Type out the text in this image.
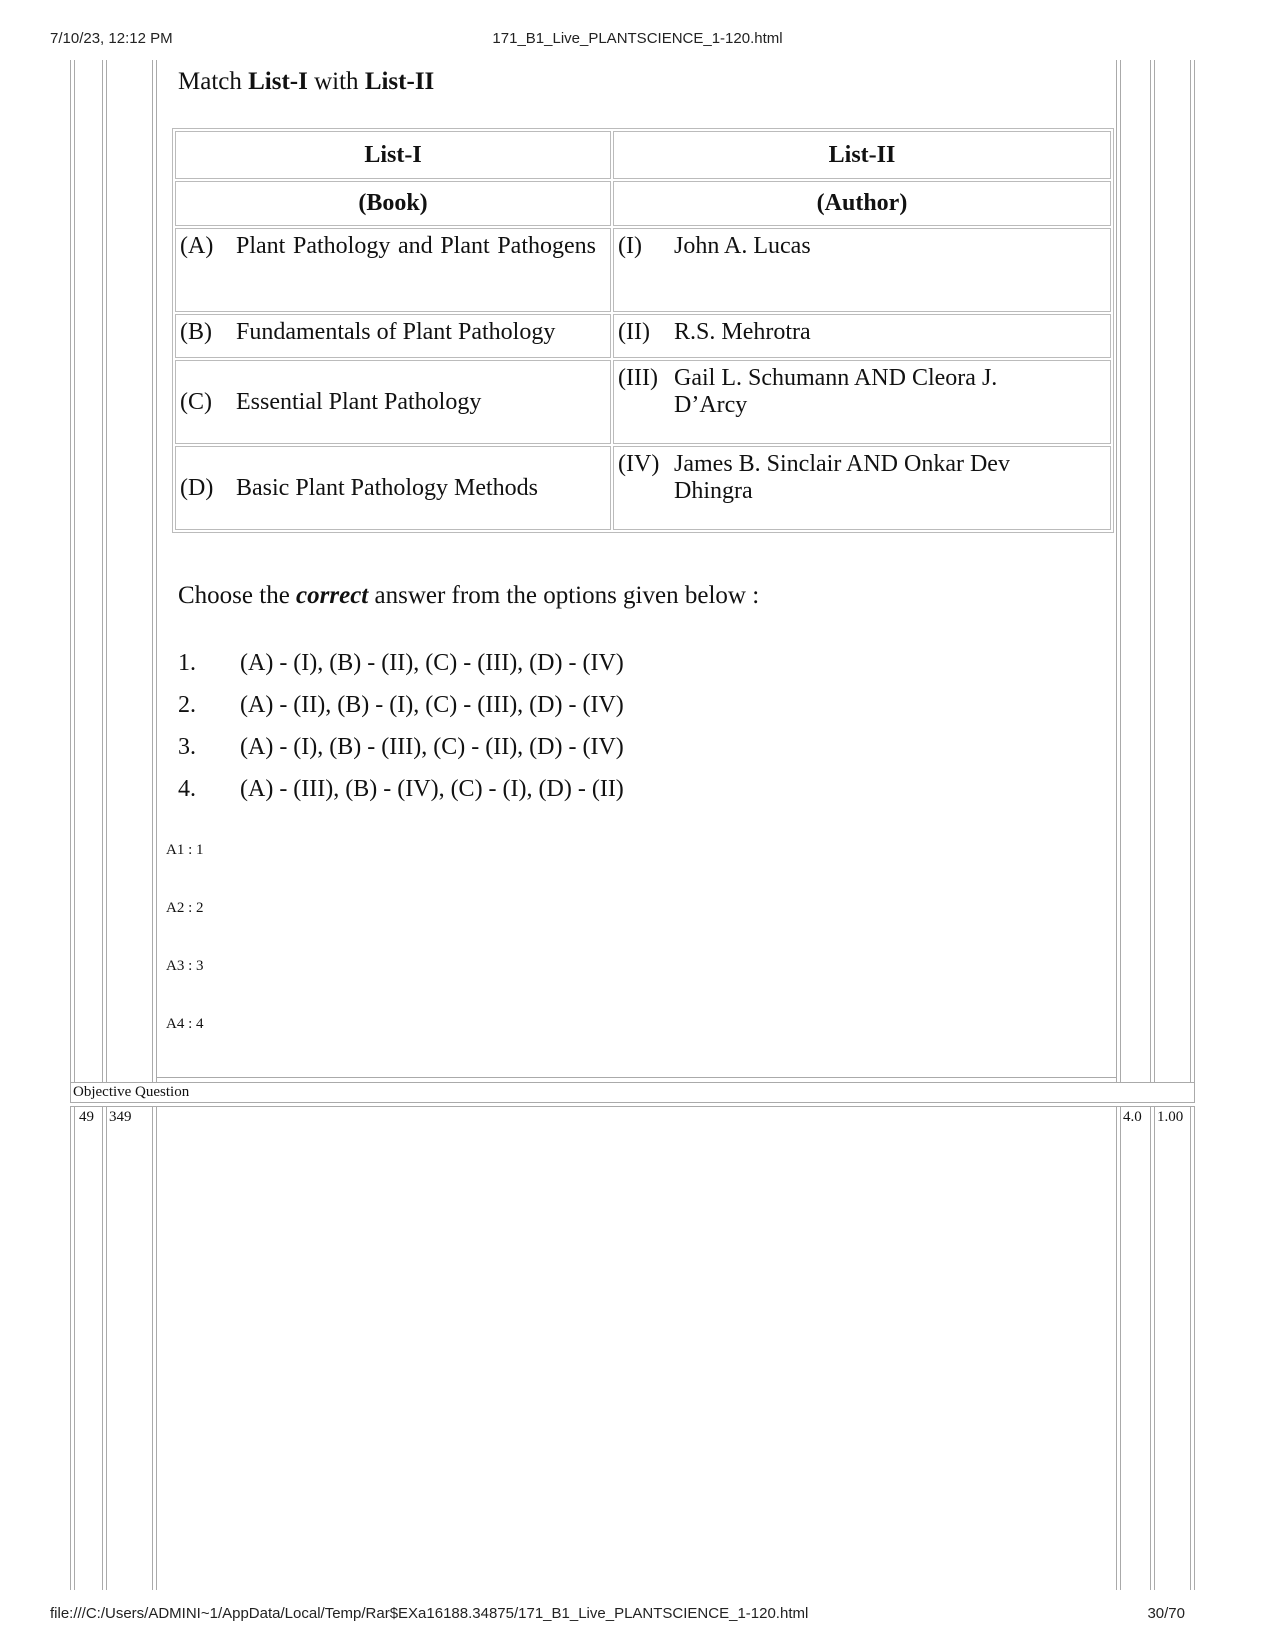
7/10/23, 12:12 PM	171_B1_Live_PLANTSCIENCE_1-120.html
Match List-I with List-II
List-I	List-II
(Book)	(Author)
(A) Plant Pathology and Plant Pathogens	(I) John A. Lucas
(B) Fundamentals of Plant Pathology	(II) R.S. Mehrotra
(C) Essential Plant Pathology	(III) Gail L. Schumann AND Cleora J. D’Arcy
(D) Basic Plant Pathology Methods	(IV) James B. Sinclair AND Onkar Dev Dhingra
Choose the correct answer from the options given below :
1. (A) - (I), (B) - (II), (C) - (III), (D) - (IV)
2. (A) - (II), (B) - (I), (C) - (III), (D) - (IV)
3. (A) - (I), (B) - (III), (C) - (II), (D) - (IV)
4. (A) - (III), (B) - (IV), (C) - (I), (D) - (II)
A1 : 1
A2 : 2
A3 : 3
A4 : 4
Objective Question
49 349	4.0 1.00
file:///C:/Users/ADMINI~1/AppData/Local/Temp/Rar$EXa16188.34875/171_B1_Live_PLANTSCIENCE_1-120.html	30/70
